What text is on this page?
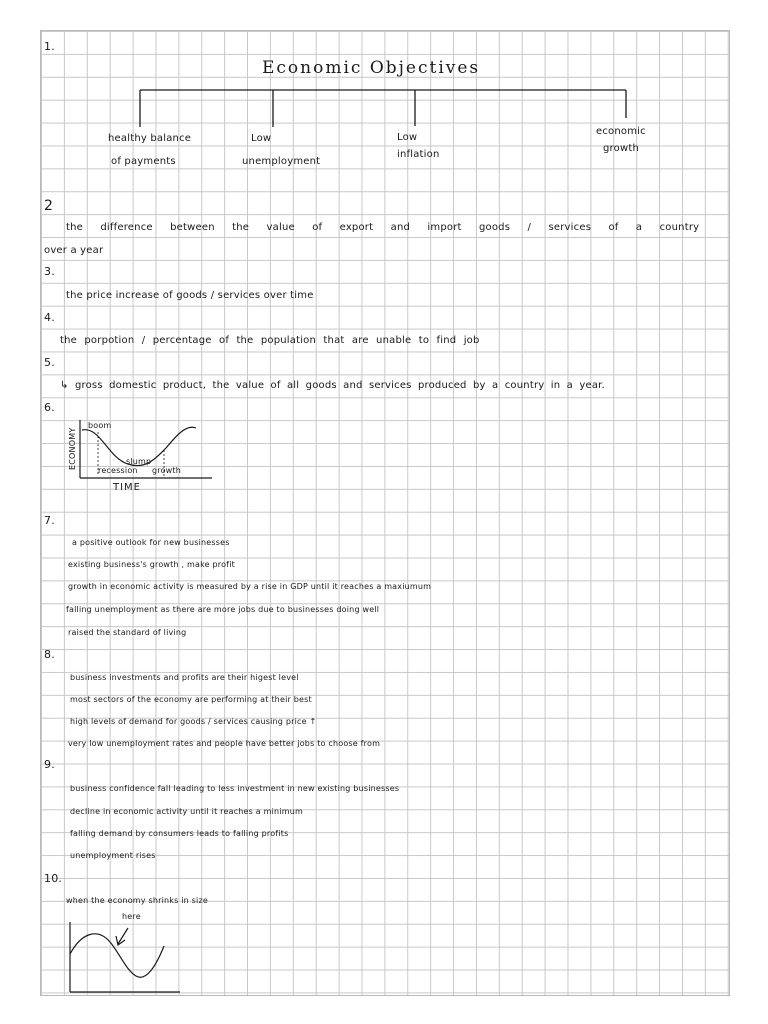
1.
Economic Objectives
healthy balance
of payments
Low
unemployment
Low
inflation
economic
growth
2
the difference between the value of export and import goods / services of a country
over a year
3.
the price increase of goods / services over time
4.
the porpotion / percentage of the population that are unable to find job
5.
↳ gross domestic product, the value of all goods and services produced by a country in a year.
6.
ECONOMY
boom
slump
recession growth
TIME
7.
a positive outlook for new businesses
existing business's growth , make profit
growth in economic activity is measured by a rise in GDP until it reaches a maxiumum
falling unemployment as there are more jobs due to businesses doing well
raised the standard of living
8.
business investments and profits are their higest level
most sectors of the economy are performing at their best
high levels of demand for goods / services causing price ↑
very low unemployment rates and people have better jobs to choose from
9.
business confidence fall leading to less investment in new existing businesses
decline in economic activity until it reaches a minimum
falling demand by consumers leads to falling profits
unemployment rises
10.
when the economy shrinks in size
here
